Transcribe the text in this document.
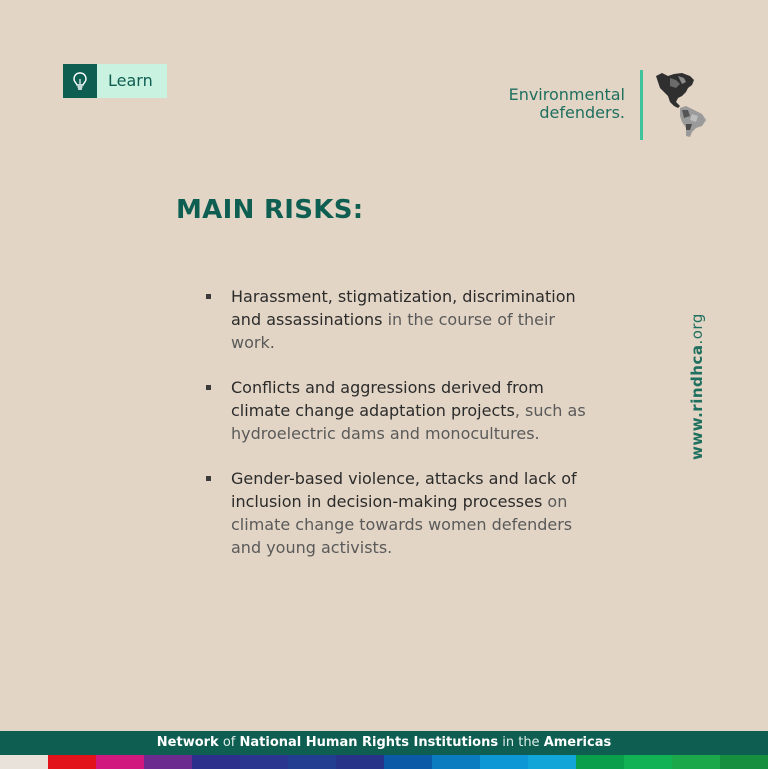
Learn
Environmental
defenders.
MAIN RISKS:
Harassment, stigmatization, discrimination and assassinations in the course of their work.
Conflicts and aggressions derived from climate change adaptation projects, such as hydroelectric dams and monocultures.
Gender-based violence, attacks and lack of inclusion in decision-making processes on climate change towards women defenders and young activists.
www.rindhca.org
Network of National Human Rights Institutions in the Americas
